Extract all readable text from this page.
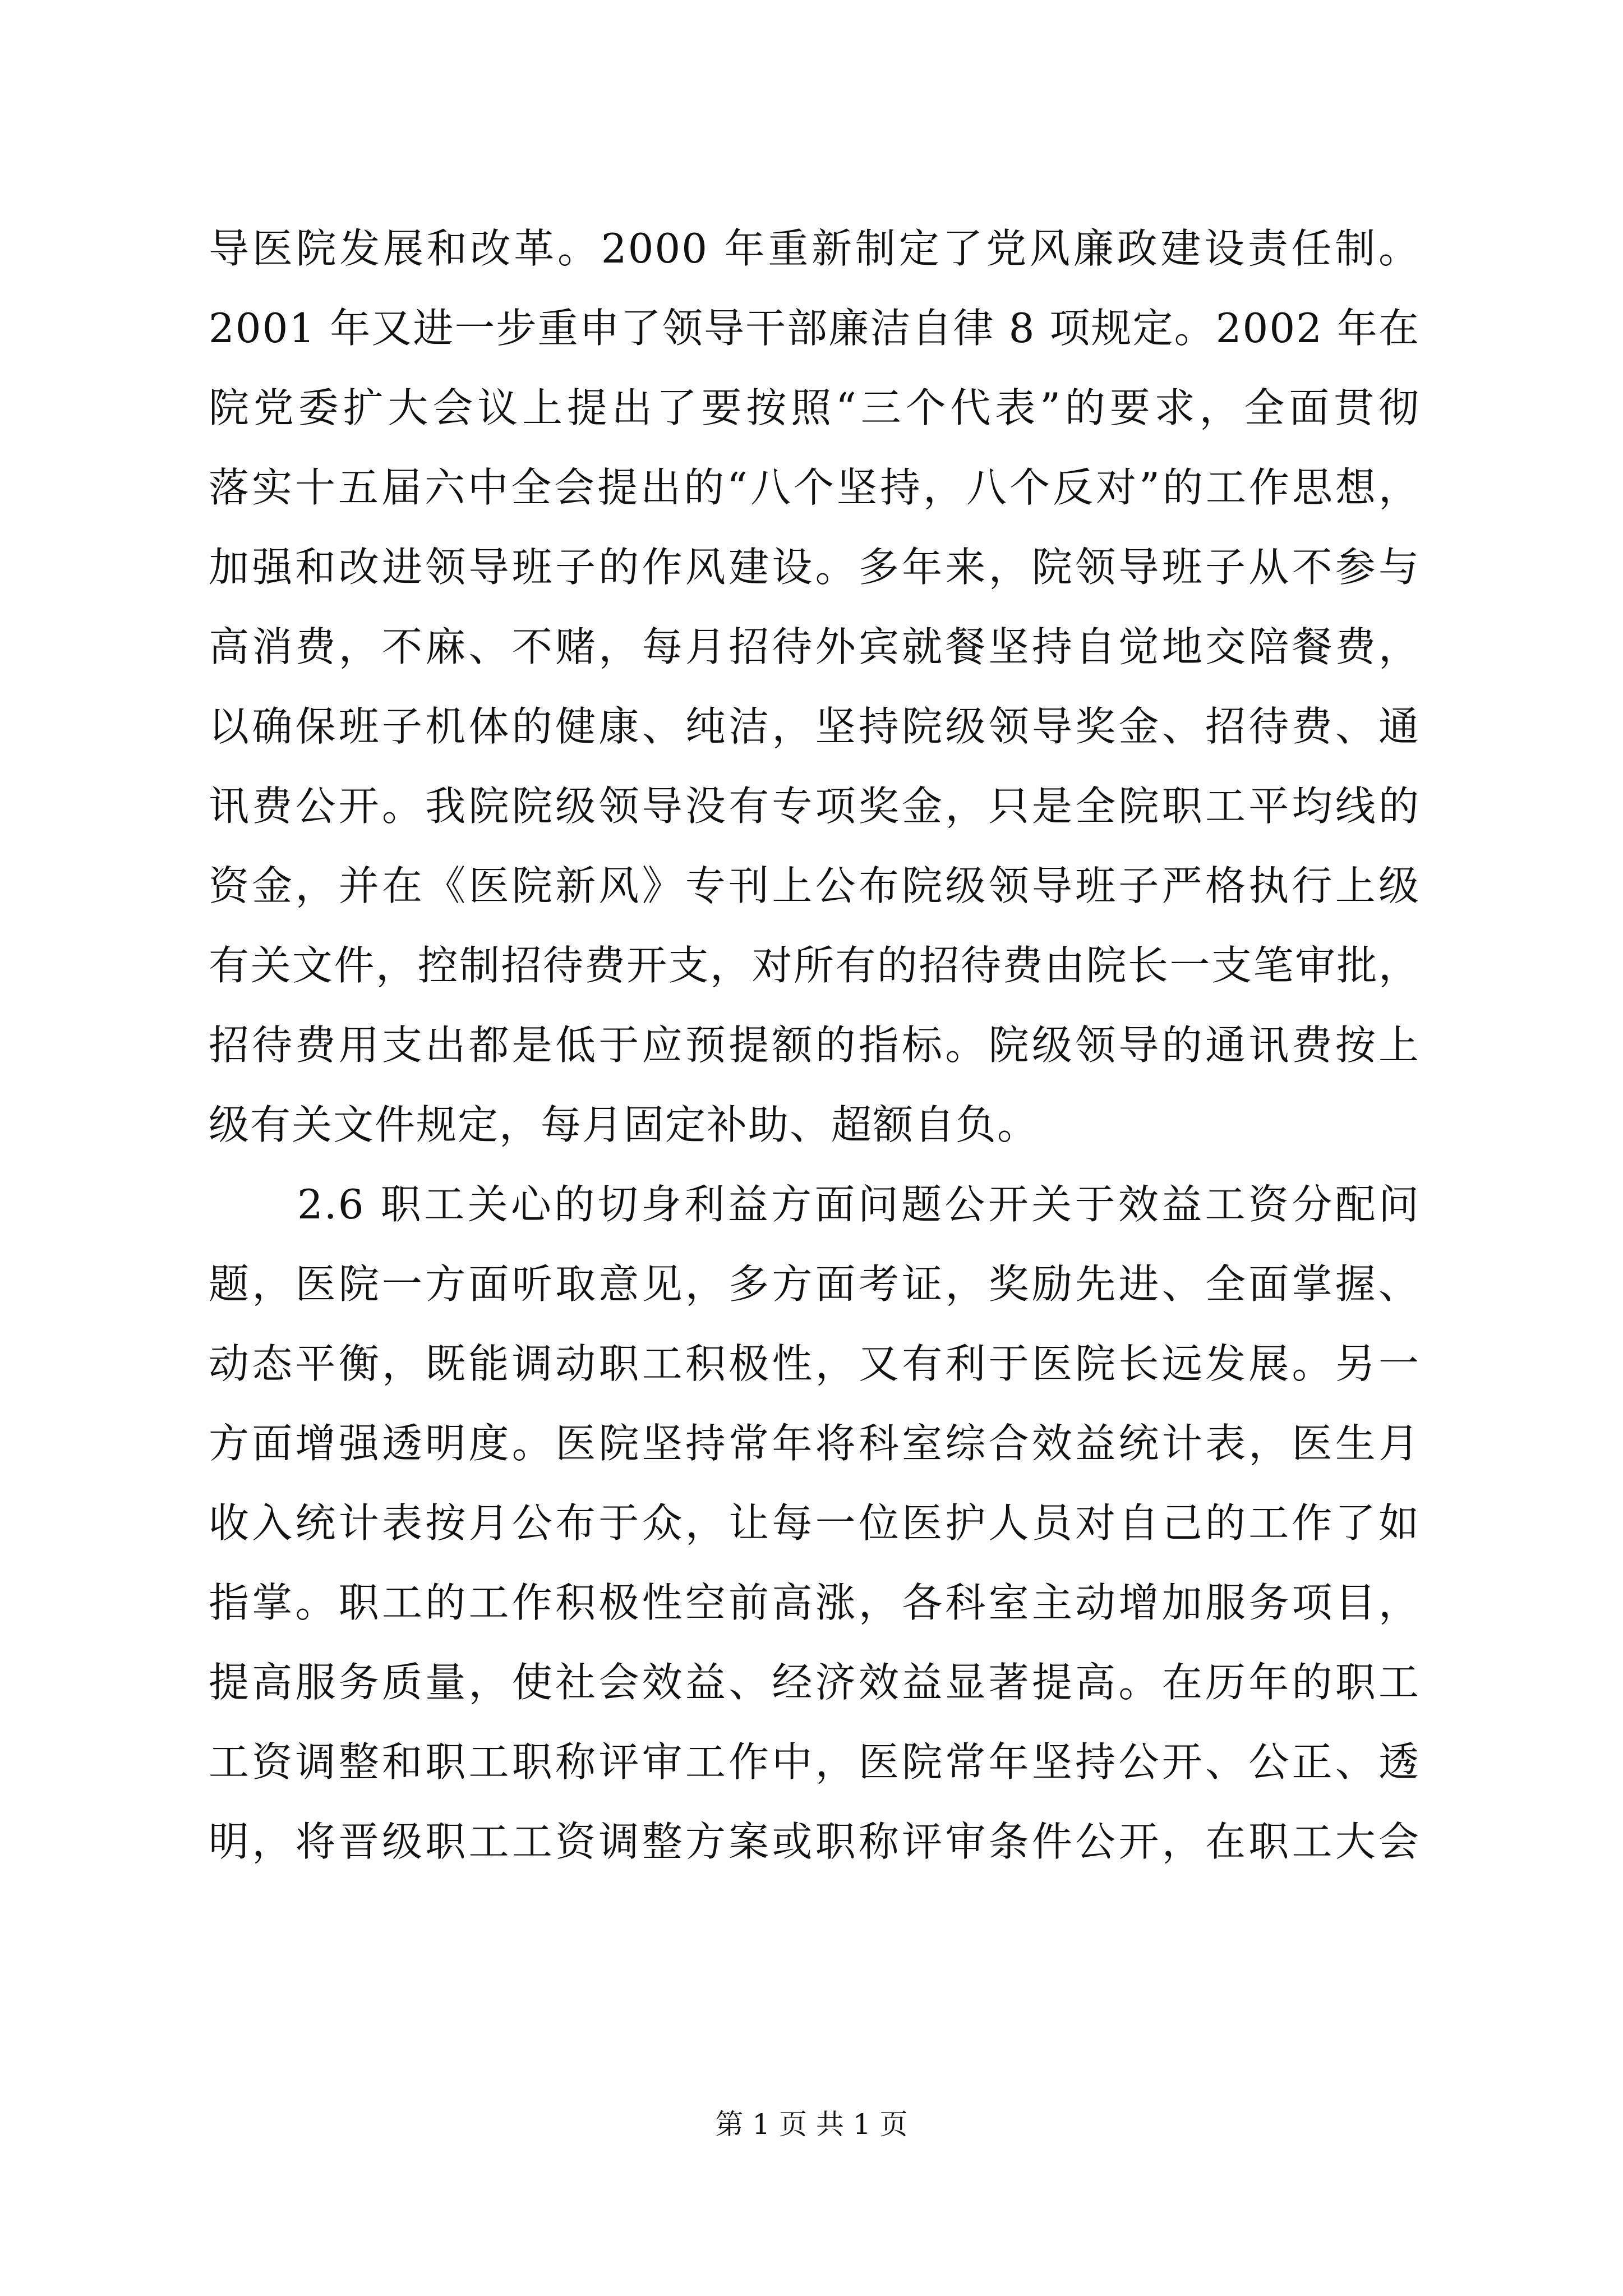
导医院发展和改革。2000 年重新制定了党风廉政建设责任制。
2001 年又进一步重申了领导干部廉洁自律 8 项规定。2002 年在
院党委扩大会议上提出了要按照“三个代表”的要求，全面贯彻
落实十五届六中全会提出的“八个坚持，八个反对”的工作思想，
加强和改进领导班子的作风建设。多年来，院领导班子从不参与
高消费，不麻、不赌，每月招待外宾就餐坚持自觉地交陪餐费，
以确保班子机体的健康、纯洁，坚持院级领导奖金、招待费、通
讯费公开。我院院级领导没有专项奖金，只是全院职工平均线的
资金，并在《医院新风》专刊上公布院级领导班子严格执行上级
有关文件，控制招待费开支，对所有的招待费由院长一支笔审批，
招待费用支出都是低于应预提额的指标。院级领导的通讯费按上
级有关文件规定，每月固定补助、超额自负。
2.6 职工关心的切身利益方面问题公开关于效益工资分配问
题，医院一方面听取意见，多方面考证，奖励先进、全面掌握、
动态平衡，既能调动职工积极性，又有利于医院长远发展。另一
方面增强透明度。医院坚持常年将科室综合效益统计表，医生月
收入统计表按月公布于众，让每一位医护人员对自己的工作了如
指掌。职工的工作积极性空前高涨，各科室主动增加服务项目，
提高服务质量，使社会效益、经济效益显著提高。在历年的职工
工资调整和职工职称评审工作中，医院常年坚持公开、公正、透
明，将晋级职工工资调整方案或职称评审条件公开，在职工大会
第 1 页 共 1 页
